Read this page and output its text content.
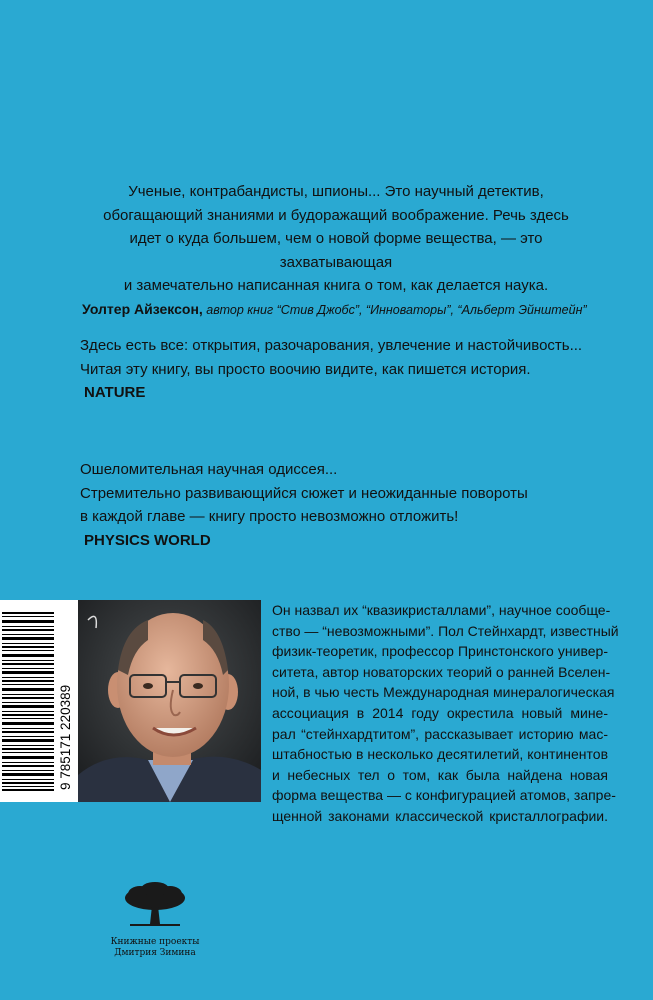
Ученые, контрабандисты, шпионы... Это научный детектив,

обогащающий знаниями и будоражащий воображение. Речь здесь

идет о куда большем, чем о новой форме вещества, — это захватывающая

и замечательно написанная книга о том, как делается наука.

Уолтер Айзексон, автор книг “Стив Джобс”, “Инноваторы”, “Альберт Эйнштейн”

Здесь есть все: открытия, разочарования, увлечение и настойчивость...

Читая эту книгу, вы просто воочию видите, как пишется история.

NATURE

Ошеломительная научная одиссея...

Стремительно развивающийся сюжет и неожиданные повороты

в каждой главе — книгу просто невозможно отложить!

PHYSICS WORLD

9 785171 220389
Он назвал их “квазикристаллами”, научное сообще-
ство — “невозможными”. Пол Стейнхардт, известный
физик-теоретик, профессор Принстонского универ-
ситета, автор новаторских теорий о ранней Вселен-
ной, в чью честь Международная минералогическая
ассоциация в 2014 году окрестила новый мине-
рал “стейнхардтитом”, рассказывает историю мас-
штабностью в несколько десятилетий, континентов
и небесных тел о том, как была найдена новая
форма вещества — с конфигурацией атомов, запре-
щенной законами классической кристаллографии.
Книжные проекты
Дмитрия Зимина
